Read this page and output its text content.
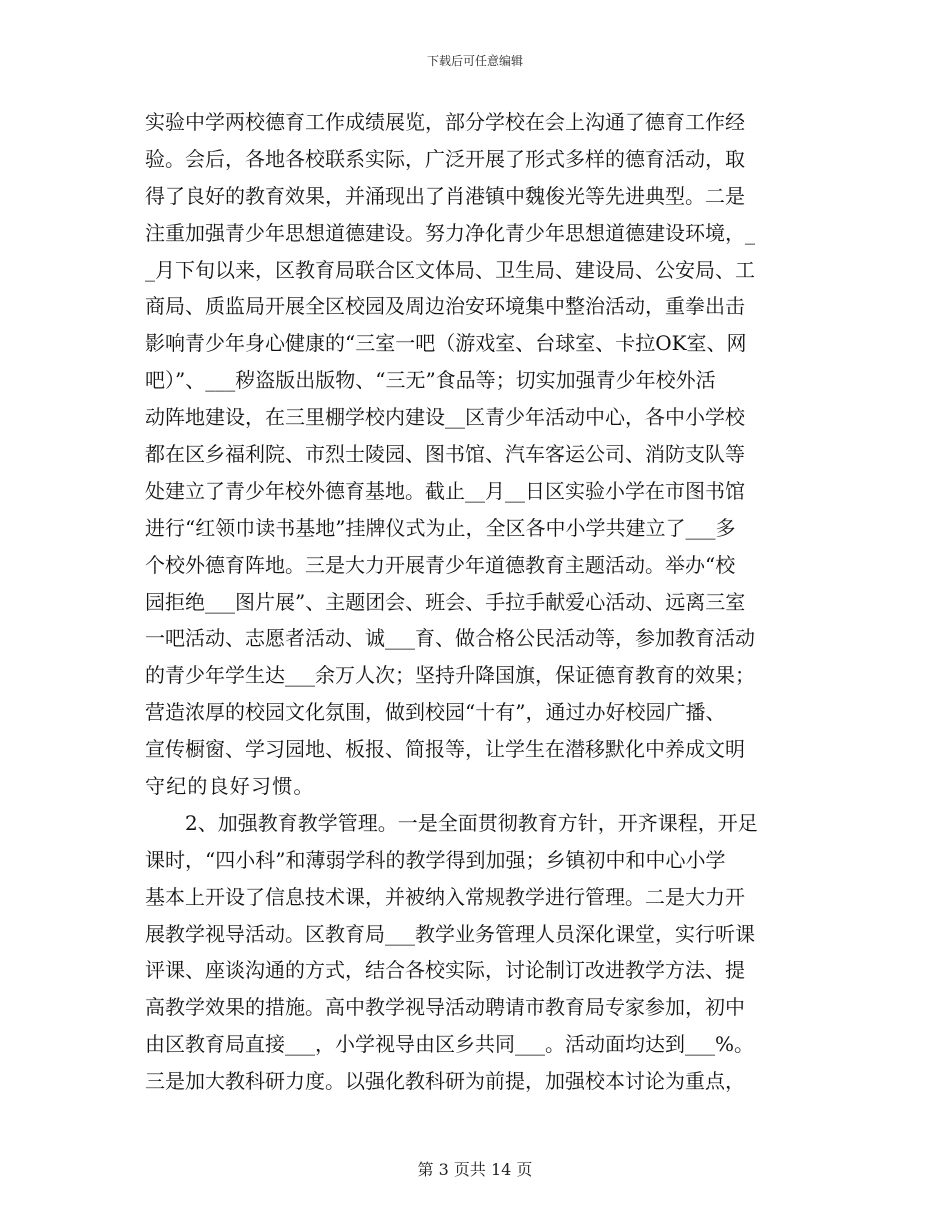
下载后可任意编辑
实验中学两校德育工作成绩展览，部分学校在会上沟通了德育工作经
验。会后，各地各校联系实际，广泛开展了形式多样的德育活动，取
得了良好的教育效果，并涌现出了肖港镇中魏俊光等先进典型。二是
注重加强青少年思想道德建设。努力净化青少年思想道德建设环境，_
_月下旬以来，区教育局联合区文体局、卫生局、建设局、公安局、工
商局、质监局开展全区校园及周边治安环境集中整治活动，重拳出击
影响青少年身心健康的“三室一吧（游戏室、台球室、卡拉OK室、网
吧）”、___秽盗版出版物、“三无”食品等；切实加强青少年校外活
动阵地建设，在三里棚学校内建设__区青少年活动中心，各中小学校
都在区乡福利院、市烈士陵园、图书馆、汽车客运公司、消防支队等
处建立了青少年校外德育基地。截止__月__日区实验小学在市图书馆
进行“红领巾读书基地”挂牌仪式为止，全区各中小学共建立了___多
个校外德育阵地。三是大力开展青少年道德教育主题活动。举办“校
园拒绝___图片展”、主题团会、班会、手拉手献爱心活动、远离三室
一吧活动、志愿者活动、诚___育、做合格公民活动等，参加教育活动
的青少年学生达___余万人次；坚持升降国旗，保证德育教育的效果；
营造浓厚的校园文化氛围，做到校园“十有”，通过办好校园广播、
宣传橱窗、学习园地、板报、简报等，让学生在潜移默化中养成文明
守纪的良好习惯。
　　2、加强教育教学管理。一是全面贯彻教育方针，开齐课程，开足
课时，“四小科”和薄弱学科的教学得到加强；乡镇初中和中心小学
基本上开设了信息技术课，并被纳入常规教学进行管理。二是大力开
展教学视导活动。区教育局___教学业务管理人员深化课堂，实行听课
评课、座谈沟通的方式，结合各校实际，讨论制订改进教学方法、提
高教学效果的措施。高中教学视导活动聘请市教育局专家参加，初中
由区教育局直接___，小学视导由区乡共同___。活动面均达到___%。
三是加大教科研力度。以强化教科研为前提，加强校本讨论为重点，
第 3 页共 14 页
